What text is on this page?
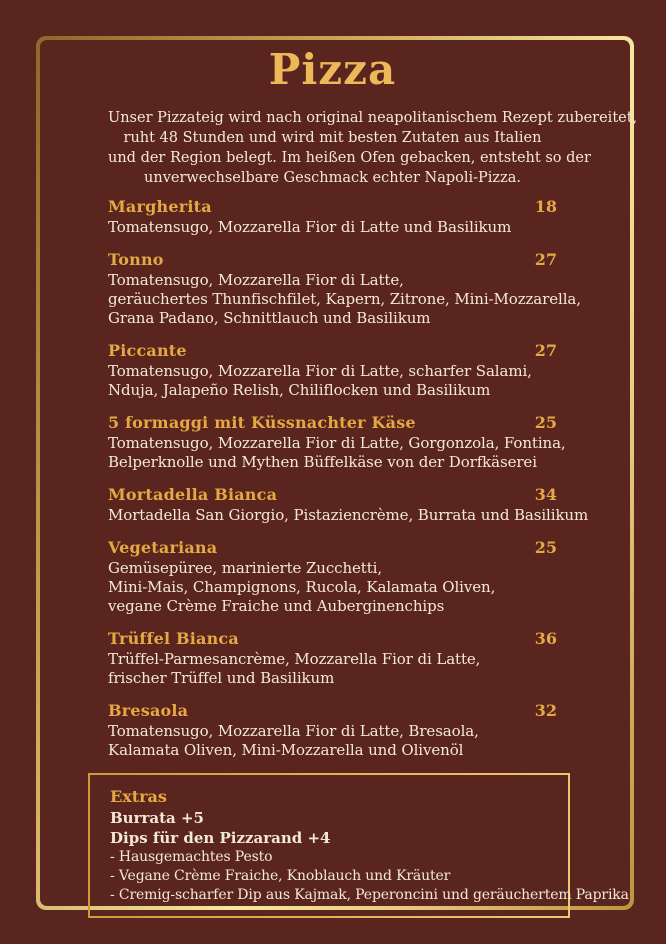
Pizza
Unser Pizzateig wird nach original neapolitanischem Rezept zubereitet,
ruht 48 Stunden und wird mit besten Zutaten aus Italien
und der Region belegt. Im heißen Ofen gebacken, entsteht so der
unverwechselbare Geschmack echter Napoli-Pizza.
Margherita	18
Tomatensugo, Mozzarella Fior di Latte und Basilikum
Tonno	27
Tomatensugo, Mozzarella Fior di Latte,
geräuchertes Thunfischfilet, Kapern, Zitrone, Mini-Mozzarella,
Grana Padano, Schnittlauch und Basilikum
Piccante	27
Tomatensugo, Mozzarella Fior di Latte, scharfer Salami,
Nduja, Jalapeño Relish, Chiliflocken und Basilikum
5 formaggi mit Küssnachter Käse	25
Tomatensugo, Mozzarella Fior di Latte, Gorgonzola, Fontina,
Belperknolle und Mythen Büffelkäse von der Dorfkäserei
Mortadella Bianca	34
Mortadella San Giorgio, Pistaziencrème, Burrata und Basilikum
Vegetariana	25
Gemüsepüree, marinierte Zucchetti,
Mini-Mais, Champignons, Rucola, Kalamata Oliven,
vegane Crème Fraiche und Auberginenchips
Trüffel Bianca	36
Trüffel-Parmesancrème, Mozzarella Fior di Latte,
frischer Trüffel und Basilikum
Bresaola	32
Tomatensugo, Mozzarella Fior di Latte, Bresaola,
Kalamata Oliven, Mini-Mozzarella und Olivenöl
Extras
Burrata +5
Dips für den Pizzarand +4
- Hausgemachtes Pesto
- Vegane Crème Fraiche, Knoblauch und Kräuter
- Cremig-scharfer Dip aus Kajmak, Peperoncini und geräuchertem Paprika
